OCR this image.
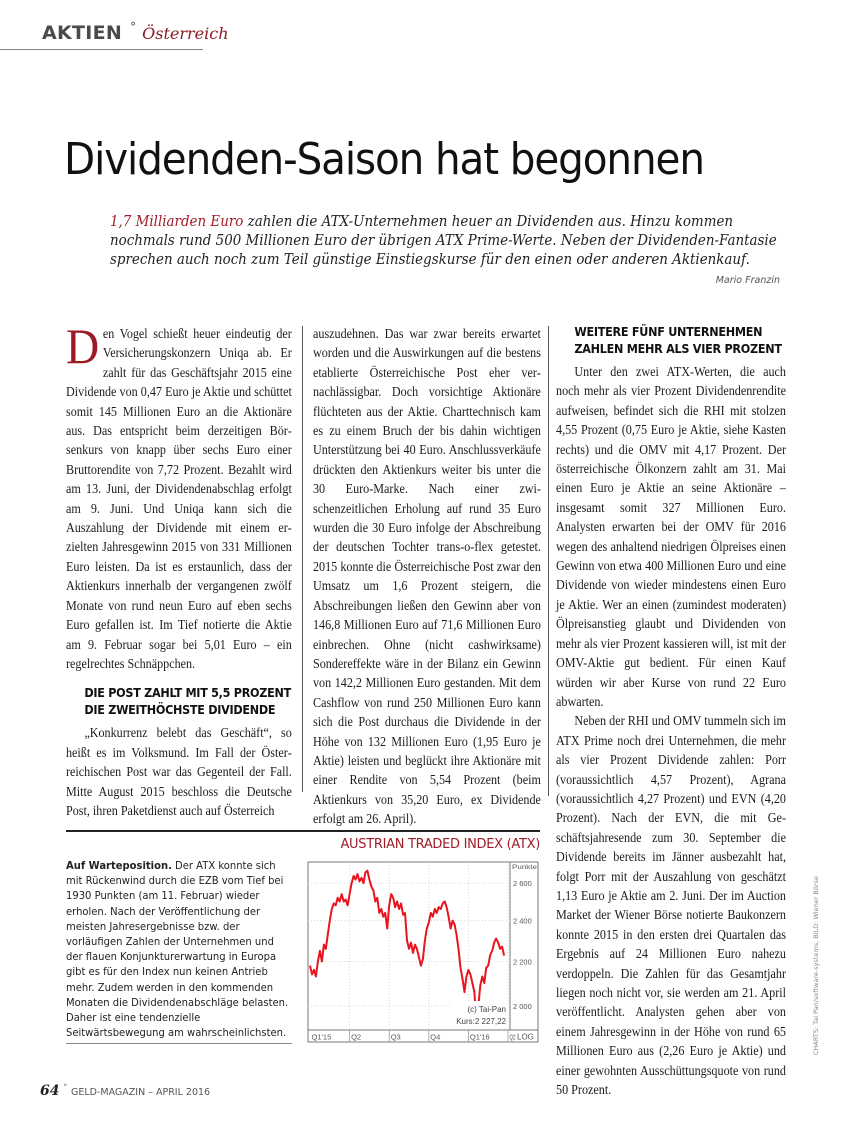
AKTIEN ° Österreich
Dividenden-Saison hat begonnen
1,7 Milliarden Euro zahlen die ATX-Unternehmen heuer an Dividenden aus. Hinzu kommen nochmals rund 500 Millionen Euro der übrigen ATX Prime-Werte. Neben der Dividenden-Fantasie sprechen auch noch zum Teil günstige Einstiegskurse für den einen oder anderen Aktienkauf.
Mario Franzin

Den Vogel schießt heuer eindeutig der Versicherungskonzern Uniqa ab. Er zahlt für das Geschäftsjahr 2015 eine Dividende von 0,47 Euro je Aktie und schüttet somit 145 Millionen Euro an die Aktionäre aus. Das entspricht beim derzeitigen Börsenkurs von knapp über sechs Euro einer Bruttorendite von 7,72 Prozent. Bezahlt wird am 13. Juni, der Dividendenabschlag erfolgt am 9. Juni. Und Uniqa kann sich die Auszahlung der Dividende mit einem erzielten Jahresgewinn 2015 von 331 Millionen Euro leisten. Da ist es erstaunlich, dass der Aktienkurs innerhalb der vergangenen zwölf Monate von rund neun Euro auf eben sechs Euro gefallen ist. Im Tief notierte die Aktie am 9. Februar sogar bei 5,01 Euro – ein regelrechtes Schnäppchen.

DIE POST ZAHLT MIT 5,5 PROZENT DIE ZWEITHÖCHSTE DIVIDENDE

„Konkurrenz belebt das Geschäft“, so heißt es im Volksmund. Im Fall der Österreichischen Post war das Gegenteil der Fall. Mitte August 2015 beschloss die Deutsche Post, ihren Paketdienst auch auf Österreich

auszudehnen. Das war zwar bereits erwartet worden und die Auswirkungen auf die bestens etablierte Österreichische Post eher vernachlässigbar. Doch vorsichtige Aktionäre flüchteten aus der Aktie. Charttechnisch kam es zu einem Bruch der bis dahin wichtigen Unterstützung bei 40 Euro. Anschlussverkäufe drückten den Aktienkurs weiter bis unter die 30 Euro-Marke. Nach einer zwischenzeitlichen Erholung auf rund 35 Euro wurden die 30 Euro infolge der Abschreibung der deutschen Tochter trans-o-flex getestet. 2015 konnte die Österreichische Post zwar den Umsatz um 1,6 Prozent steigern, die Abschreibungen ließen den Gewinn aber von 146,8 Millionen Euro auf 71,6 Millionen Euro einbrechen. Ohne (nicht cashwirksame) Sondereffekte wäre in der Bilanz ein Gewinn von 142,2 Millionen Euro gestanden. Mit dem Cashflow von rund 250 Millionen Euro kann sich die Post durchaus die Dividende in der Höhe von 132 Millionen Euro (1,95 Euro je Aktie) leisten und beglückt ihre Aktionäre mit einer Rendite von 5,54 Prozent (beim Aktienkurs von 35,20 Euro, ex Dividende erfolgt am 26. April).

WEITERE FÜNF UNTERNEHMEN ZAHLEN MEHR ALS VIER PROZENT

Unter den zwei ATX-Werten, die auch noch mehr als vier Prozent Dividendenrendite aufweisen, befindet sich die RHI mit stolzen 4,55 Prozent (0,75 Euro je Aktie, siehe Kasten rechts) und die OMV mit 4,17 Prozent. Der österreichische Ölkonzern zahlt am 31. Mai einen Euro je Aktie an seine Aktionäre – insgesamt somit 327 Millionen Euro. Analysten erwarten bei der OMV für 2016 wegen des anhaltend niedrigen Ölpreises einen Gewinn von etwa 400 Millionen Euro und eine Dividende von wieder mindestens einen Euro je Aktie. Wer an einen (zumindest moderaten) Ölpreisanstieg glaubt und Dividenden von mehr als vier Prozent kassieren will, ist mit der OMV-Aktie gut bedient. Für einen Kauf würden wir aber Kurse von rund 22 Euro abwarten.

Neben der RHI und OMV tummeln sich im ATX Prime noch drei Unternehmen, die mehr als vier Prozent Dividende zahlen: Porr (voraussichtlich 4,57 Prozent), Agrana (voraussichtlich 4,27 Prozent) und EVN (4,20 Prozent). Nach der EVN, die mit Geschäftsjahresende zum 30. September die Dividende bereits im Jänner ausbezahlt hat, folgt Porr mit der Auszahlung von geschätzt 1,13 Euro je Aktie am 2. Juni. Der im Auction Market der Wiener Börse notierte Baukonzern konnte 2015 in den ersten drei Quartalen das Ergebnis auf 24 Millionen Euro nahezu verdoppeln. Die Zahlen für das Gesamtjahr liegen noch nicht vor, sie werden am 21. April veröffentlicht. Analysten gehen aber von einem Jahresgewinn in der Höhe von rund 65 Millionen Euro aus (2,26 Euro je Aktie) und einer gewohnten Ausschüttungsquote von rund 50 Prozent.

AUSTRIAN TRADED INDEX (ATX)
Auf Warteposition. Der ATX konnte sich mit Rückenwind durch die EZB vom Tief bei 1930 Punkten (am 11. Februar) wieder erholen. Nach der Veröffentlichung der meisten Jahresergebnisse bzw. der vorläufigen Zahlen der Unternehmen und der flauen Konjunkturerwartung in Europa gibt es für den Index nun keinen Antrieb mehr. Zudem werden in den kommenden Monaten die Dividendenabschläge belasten. Daher ist eine tendenzielle Seitwärtsbewegung am wahrscheinlichsten.
2 000
2 200
2 400
2 600
Q1'15	Q2	Q3	Q4	Q1'16	Q2
Punkte
LOG
(c) Tai-Pan
Kurs:2 227,22	CHARTS: Tai Pan/software-systems, BILD: Wiener Börse
64 ° GELD-MAGAZIN – APRIL 2016
